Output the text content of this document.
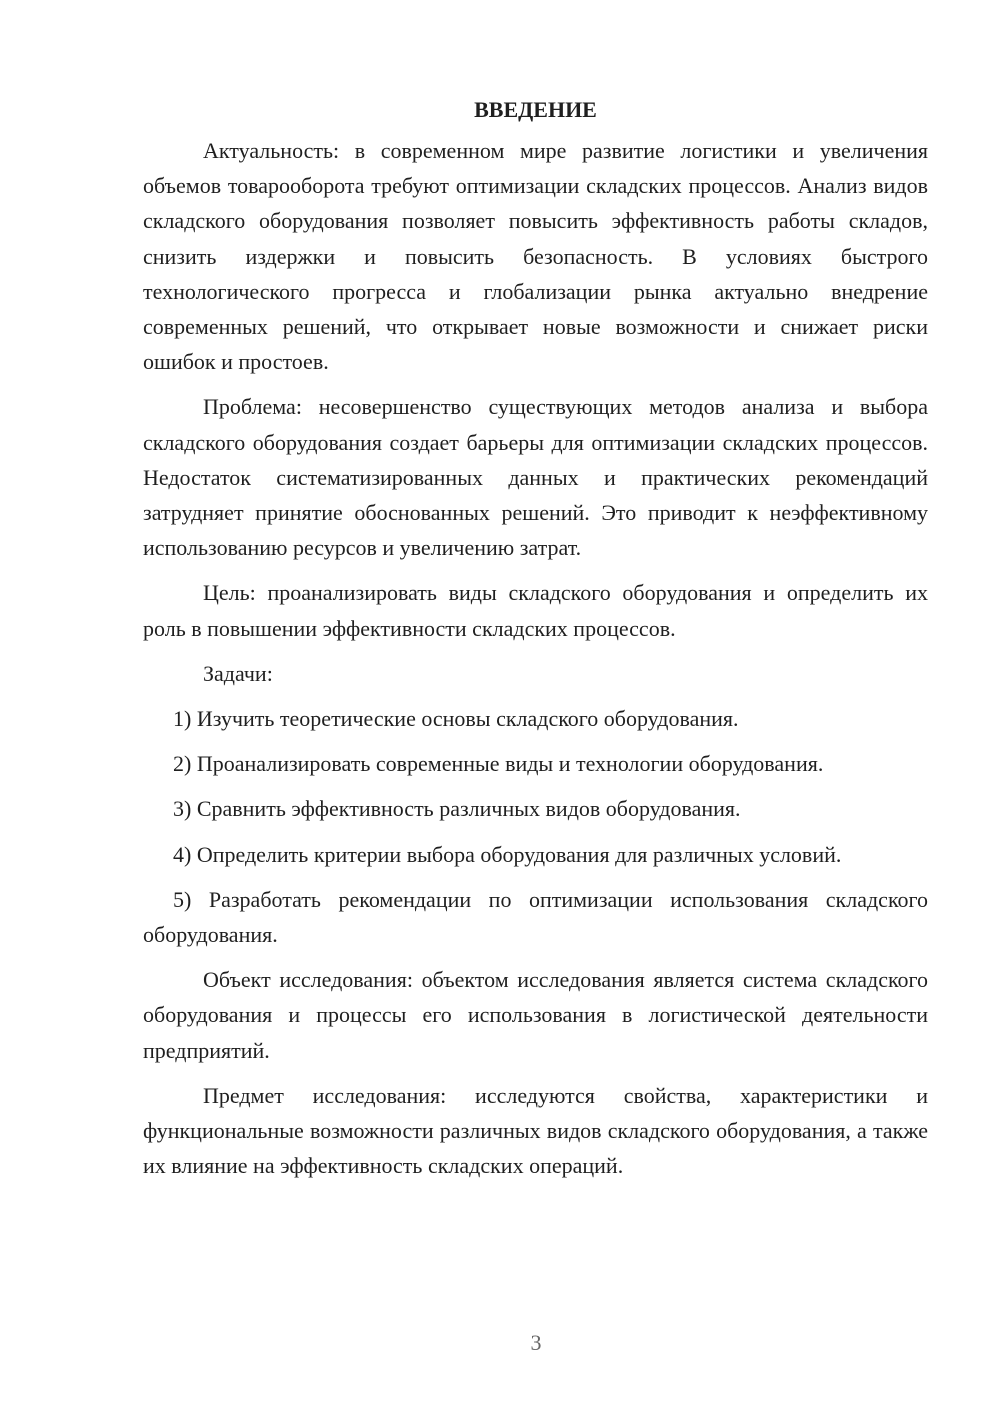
ВВЕДЕНИЕ

Актуальность: в современном мире развитие логистики и увеличения объемов товарооборота требуют оптимизации складских процессов. Анализ видов складского оборудования позволяет повысить эффективность работы складов, снизить издержки и повысить безопасность. В условиях быстрого технологического прогресса и глобализации рынка актуально внедрение современных решений, что открывает новые возможности и снижает риски ошибок и простоев.

Проблема: несовершенство существующих методов анализа и выбора складского оборудования создает барьеры для оптимизации складских процессов. Недостаток систематизированных данных и практических рекомендаций затрудняет принятие обоснованных решений. Это приводит к неэффективному использованию ресурсов и увеличению затрат.

Цель: проанализировать виды складского оборудования и определить их роль в повышении эффективности складских процессов.

Задачи:

1) Изучить теоретические основы складского оборудования.

2) Проанализировать современные виды и технологии оборудования.

3) Сравнить эффективность различных видов оборудования.

4) Определить критерии выбора оборудования для различных условий.

5) Разработать рекомендации по оптимизации использования складского оборудования.

Объект исследования: объектом исследования является система складского оборудования и процессы его использования в логистической деятельности предприятий.

Предмет исследования: исследуются свойства, характеристики и функциональные возможности различных видов складского оборудования, а также их влияние на эффективность складских операций.

3
